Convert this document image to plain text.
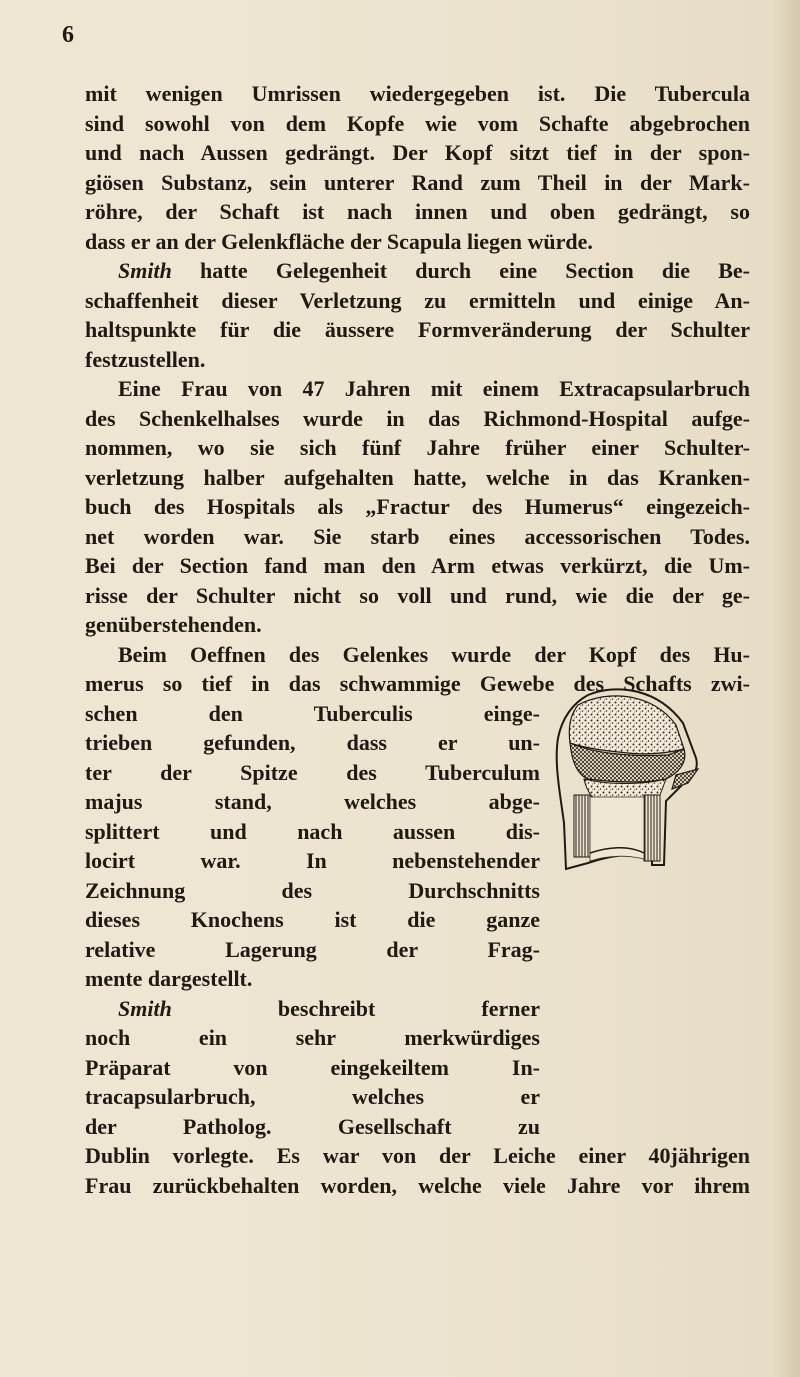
6
mit wenigen Umrissen wiedergegeben ist. Die Tubercula
sind sowohl von dem Kopfe wie vom Schafte abgebrochen
und nach Aussen gedrängt. Der Kopf sitzt tief in der spon-
giösen Substanz, sein unterer Rand zum Theil in der Mark-
röhre, der Schaft ist nach innen und oben gedrängt, so
dass er an der Gelenkfläche der Scapula liegen würde.
Smith hatte Gelegenheit durch eine Section die Be-
schaffenheit dieser Verletzung zu ermitteln und einige An-
haltspunkte für die äussere Formveränderung der Schulter
festzustellen.
Eine Frau von 47 Jahren mit einem Extracapsularbruch
des Schenkelhalses wurde in das Richmond-Hospital aufge-
nommen, wo sie sich fünf Jahre früher einer Schulter-
verletzung halber aufgehalten hatte, welche in das Kranken-
buch des Hospitals als „Fractur des Humerus“ eingezeich-
net worden war. Sie starb eines accessorischen Todes.
Bei der Section fand man den Arm etwas verkürzt, die Um-
risse der Schulter nicht so voll und rund, wie die der ge-
genüberstehenden.
Beim Oeffnen des Gelenkes wurde der Kopf des Hu-
merus so tief in das schwammige Gewebe des Schafts zwi-
schen den Tuberculis einge-
trieben gefunden, dass er un-
ter der Spitze des Tuberculum
majus stand, welches abge-
splittert und nach aussen dis-
locirt war. In nebenstehender
Zeichnung des Durchschnitts
dieses Knochens ist die ganze
relative Lagerung der Frag-
mente dargestellt.
Smith beschreibt ferner
noch ein sehr merkwürdiges
Präparat von eingekeiltem In-
tracapsularbruch, welches er
der Patholog. Gesellschaft zu
Dublin vorlegte. Es war von der Leiche einer 40jährigen
Frau zurückbehalten worden, welche viele Jahre vor ihrem
